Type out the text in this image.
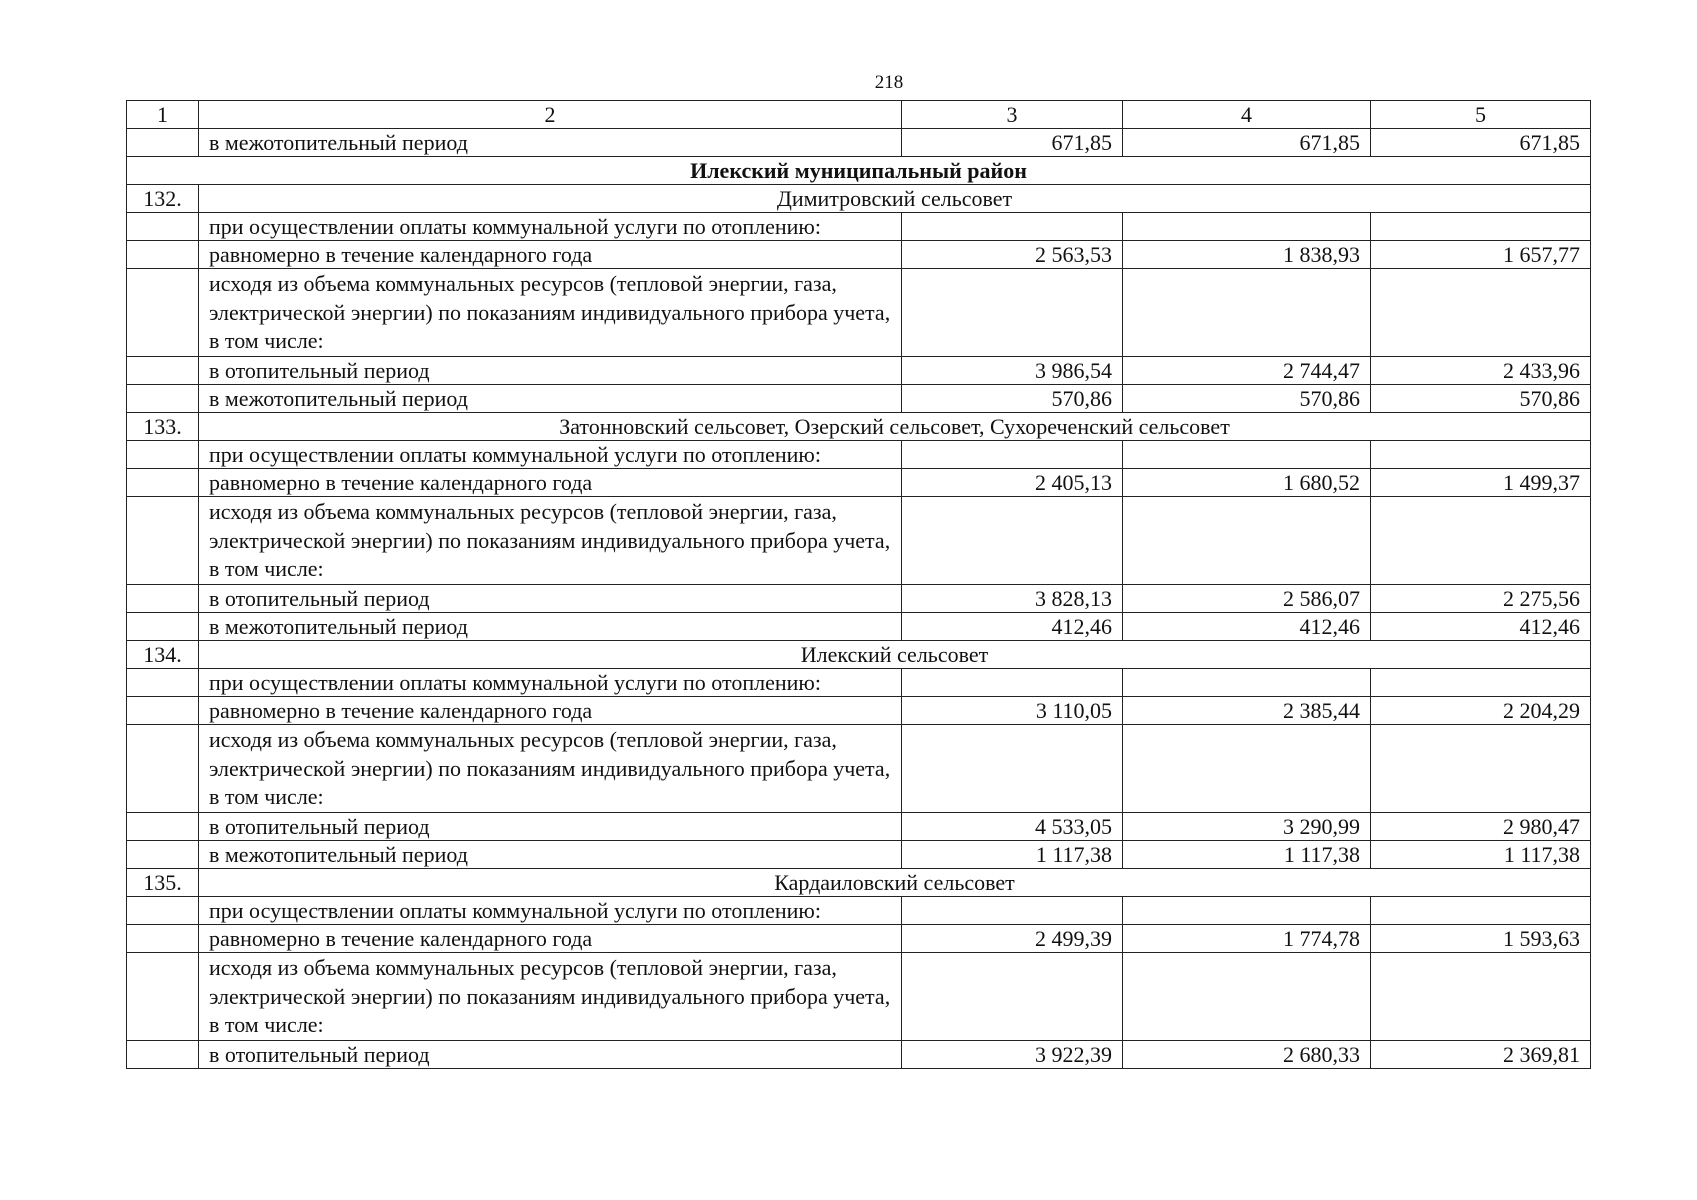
218
1	2	3	4	5
	в межотопительный период	671,85	671,85	671,85
Илекский муниципальный район				
132.	Димитровский сельсовет			
	при осуществлении оплаты коммунальной услуги по отоплению:			
	равномерно в течение календарного года	2 563,53	1 838,93	1 657,77
	исходя из объема коммунальных ресурсов (тепловой энергии, газа, электрической энергии) по показаниям индивидуального прибора учета, в том числе:			
	в отопительный период	3 986,54	2 744,47	2 433,96
	в межотопительный период	570,86	570,86	570,86
133.	Затонновский сельсовет, Озерский сельсовет, Сухореченский сельсовет			
	при осуществлении оплаты коммунальной услуги по отоплению:			
	равномерно в течение календарного года	2 405,13	1 680,52	1 499,37
	исходя из объема коммунальных ресурсов (тепловой энергии, газа, электрической энергии) по показаниям индивидуального прибора учета, в том числе:			
	в отопительный период	3 828,13	2 586,07	2 275,56
	в межотопительный период	412,46	412,46	412,46
134.	Илекский сельсовет			
	при осуществлении оплаты коммунальной услуги по отоплению:			
	равномерно в течение календарного года	3 110,05	2 385,44	2 204,29
	исходя из объема коммунальных ресурсов (тепловой энергии, газа, электрической энергии) по показаниям индивидуального прибора учета, в том числе:			
	в отопительный период	4 533,05	3 290,99	2 980,47
	в межотопительный период	1 117,38	1 117,38	1 117,38
135.	Кардаиловский сельсовет			
	при осуществлении оплаты коммунальной услуги по отоплению:			
	равномерно в течение календарного года	2 499,39	1 774,78	1 593,63
	исходя из объема коммунальных ресурсов (тепловой энергии, газа, электрической энергии) по показаниям индивидуального прибора учета, в том числе:			
	в отопительный период	3 922,39	2 680,33	2 369,81
